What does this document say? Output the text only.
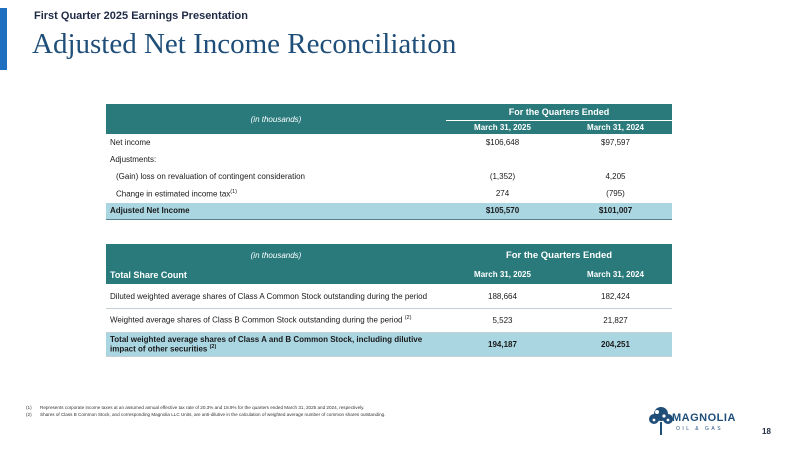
First Quarter 2025 Earnings Presentation
Adjusted Net Income Reconciliation
(in thousands)	For the Quarters Ended	
	March 31, 2025	March 31, 2024
Net income	$106,648	$97,597
Adjustments:		
(Gain) loss on revaluation of contingent consideration	(1,352)	4,205
Change in estimated income tax$^{(1)}$	274	(795)
Adjusted Net Income	$105,570	$101,007
(in thousands)	For the Quarters Ended	
Total Share Count	March 31, 2025	March 31, 2024
Diluted weighted average shares of Class A Common Stock outstanding during the period	188,664	182,424
Weighted average shares of Class B Common Stock outstanding during the period $^{(2)}$	5,523	21,827
Total weighted average shares of Class A and B Common Stock, including dilutive impact of other securities $^{(2)}$	194,187	204,251
(1)	Represents corporate income taxes at an assumed annual effective tax rate of 20.3% and 18.9% for the quarters ended March 31, 2025 and 2024, respectively.
(2)	Shares of Class B Common Stock, and corresponding Magnolia LLC Units, are anti-dilutive in the calculation of weighted average number of common shares outstanding.	MAGNOLIA
OIL & GAS	18
